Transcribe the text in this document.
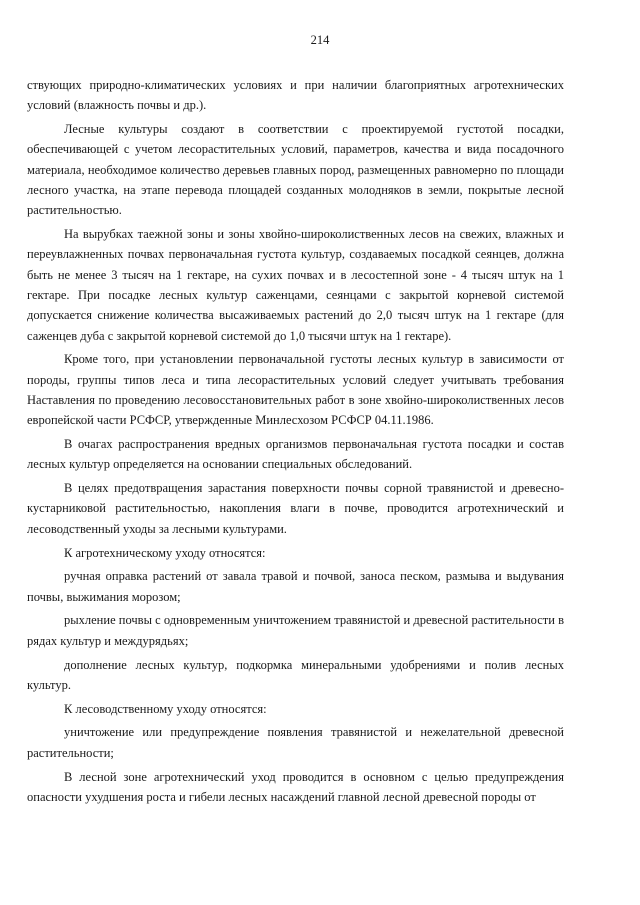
214

ствующих природно-климатических условиях и при наличии благоприятных агротехнических условий (влажность почвы и др.).

Лесные культуры создают в соответствии с проектируемой густотой посадки, обеспечивающей с учетом лесорастительных условий, параметров, качества и вида посадочного материала, необходимое количество деревьев главных пород, размещенных равномерно по площади лесного участка, на этапе перевода площадей созданных молодняков в земли, покрытые лесной растительностью.

На вырубках таежной зоны и зоны хвойно-широколиственных лесов на свежих, влажных и переувлажненных почвах первоначальная густота культур, создаваемых посадкой сеянцев, должна быть не менее 3 тысяч на 1 гектаре, на сухих почвах и в лесостепной зоне - 4 тысяч штук на 1 гектаре. При посадке лесных культур саженцами, сеянцами с закрытой корневой системой допускается снижение количества высаживаемых растений до 2,0 тысяч штук на 1 гектаре (для саженцев дуба с закрытой корневой системой до 1,0 тысячи штук на 1 гектаре).

Кроме того, при установлении первоначальной густоты лесных культур в зависимости от породы, группы типов леса и типа лесорастительных условий следует учитывать требования Наставления по проведению лесовосстановительных работ в зоне хвойно-широколиственных лесов европейской части РСФСР, утвержденные Минлесхозом РСФСР 04.11.1986.

В очагах распространения вредных организмов первоначальная густота посадки и состав лесных культур определяется на основании специальных обследований.

В целях предотвращения зарастания поверхности почвы сорной травянистой и древесно-кустарниковой растительностью, накопления влаги в почве, проводится агротехнический и лесоводственный уходы за лесными культурами.

К агротехническому уходу относятся:

ручная оправка растений от завала травой и почвой, заноса песком, размыва и выдувания почвы, выжимания морозом;

рыхление почвы с одновременным уничтожением травянистой и древесной растительности в рядах культур и междурядьях;

дополнение лесных культур, подкормка минеральными удобрениями и полив лесных культур.

К лесоводственному уходу относятся:

уничтожение или предупреждение появления травянистой и нежелательной древесной растительности;

В лесной зоне агротехнический уход проводится в основном с целью предупреждения опасности ухудшения роста и гибели лесных насаждений главной лесной древесной породы от
